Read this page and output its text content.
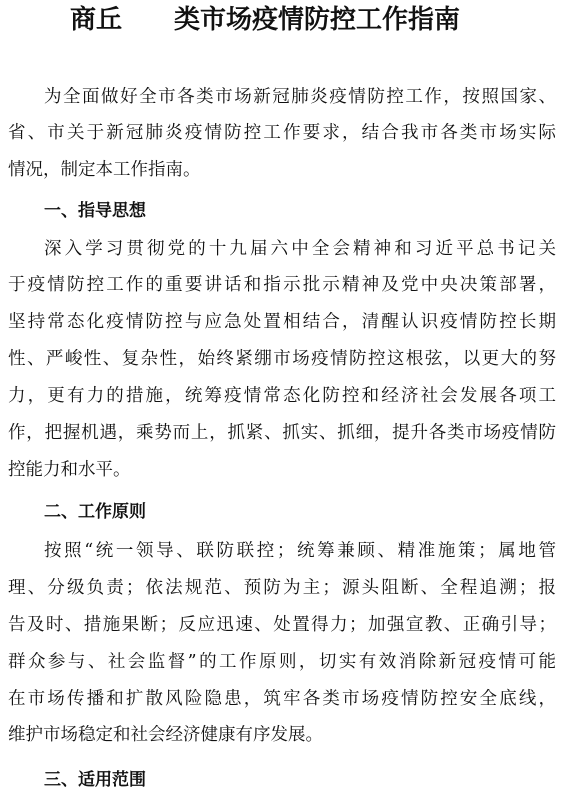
商丘 类市场疫情防控工作指南
为全面做好全市各类市场新冠肺炎疫情防控工作，按照国家、
省、市关于新冠肺炎疫情防控工作要求，结合我市各类市场实际
情况，制定本工作指南。
一、指导思想
深入学习贯彻党的十九届六中全会精神和习近平总书记关
于疫情防控工作的重要讲话和指示批示精神及党中央决策部署，
坚持常态化疫情防控与应急处置相结合，清醒认识疫情防控长期
性、严峻性、复杂性，始终紧绷市场疫情防控这根弦，以更大的努
力，更有力的措施，统筹疫情常态化防控和经济社会发展各项工
作，把握机遇，乘势而上，抓紧、抓实、抓细，提升各类市场疫情防
控能力和水平。
二、工作原则
按照“统一领导、联防联控；统筹兼顾、精准施策；属地管
理、分级负责；依法规范、预防为主；源头阻断、全程追溯；报
告及时、措施果断；反应迅速、处置得力；加强宣教、正确引导；
群众参与、社会监督”的工作原则，切实有效消除新冠疫情可能
在市场传播和扩散风险隐患，筑牢各类市场疫情防控安全底线，
维护市场稳定和社会经济健康有序发展。
三、适用范围
